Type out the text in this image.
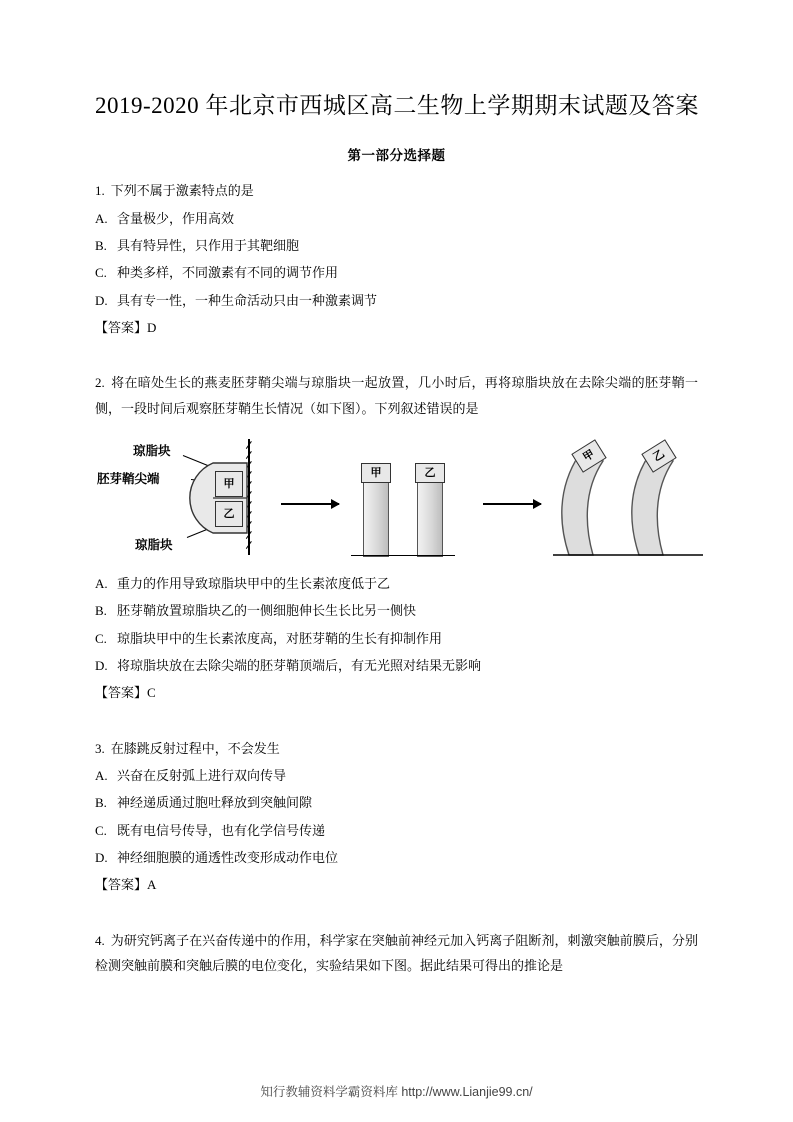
2019-2020 年北京市西城区高二生物上学期期末试题及答案
第一部分选择题

1. 下列不属于激素特点的是

A. 含量极少，作用高效

B. 具有特异性，只作用于其靶细胞

C. 种类多样，不同激素有不同的调节作用

D. 具有专一性，一种生命活动只由一种激素调节

【答案】D

2. 将在暗处生长的燕麦胚芽鞘尖端与琼脂块一起放置，几小时后，再将琼脂块放在去除尖端的胚芽鞘一侧，一段时间后观察胚芽鞘生长情况（如下图）。下列叙述错误的是

琼脂块
胚芽鞘尖端
琼脂块
甲
乙
甲	乙
甲	乙

A. 重力的作用导致琼脂块甲中的生长素浓度低于乙

B. 胚芽鞘放置琼脂块乙的一侧细胞伸长生长比另一侧快

C. 琼脂块甲中的生长素浓度高，对胚芽鞘的生长有抑制作用

D. 将琼脂块放在去除尖端的胚芽鞘顶端后，有无光照对结果无影响

【答案】C

3. 在膝跳反射过程中，不会发生

A. 兴奋在反射弧上进行双向传导

B. 神经递质通过胞吐释放到突触间隙

C. 既有电信号传导，也有化学信号传递

D. 神经细胞膜的通透性改变形成动作电位

【答案】A

4. 为研究钙离子在兴奋传递中的作用，科学家在突触前神经元加入钙离子阻断剂，刺激突触前膜后，分别检测突触前膜和突触后膜的电位变化，实验结果如下图。据此结果可得出的推论是

知行教辅资料学霸资料库 http://www.Lianjie99.cn/
